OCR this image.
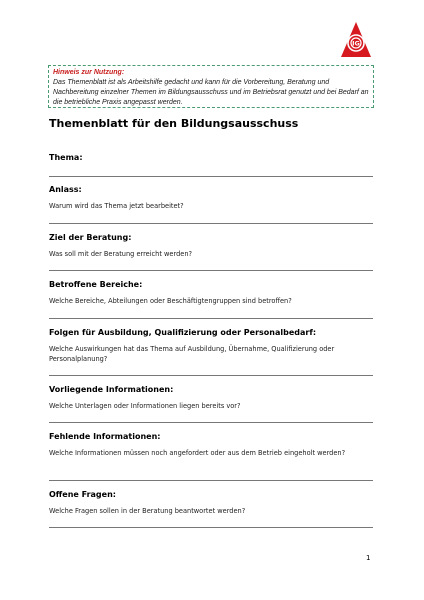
IG
Hinweis zur Nutzung:

Das Themenblatt ist als Arbeitshilfe gedacht und kann für die Vorbereitung, Beratung und Nachbereitung einzelner Themen im Bildungsausschuss und im Betriebsrat genutzt und bei Bedarf an die betriebliche Praxis angepasst werden.

Themenblatt für den Bildungsausschuss
Thema:
Anlass:
Warum wird das Thema jetzt bearbeitet?
Ziel der Beratung:
Was soll mit der Beratung erreicht werden?
Betroffene Bereiche:
Welche Bereiche, Abteilungen oder Beschäftigtengruppen sind betroffen?
Folgen für Ausbildung, Qualifizierung oder Personalbedarf:
Welche Auswirkungen hat das Thema auf Ausbildung, Übernahme, Qualifizierung oder Personalplanung?
Vorliegende Informationen:
Welche Unterlagen oder Informationen liegen bereits vor?
Fehlende Informationen:
Welche Informationen müssen noch angefordert oder aus dem Betrieb eingeholt werden?
Offene Fragen:
Welche Fragen sollen in der Beratung beantwortet werden?
1
